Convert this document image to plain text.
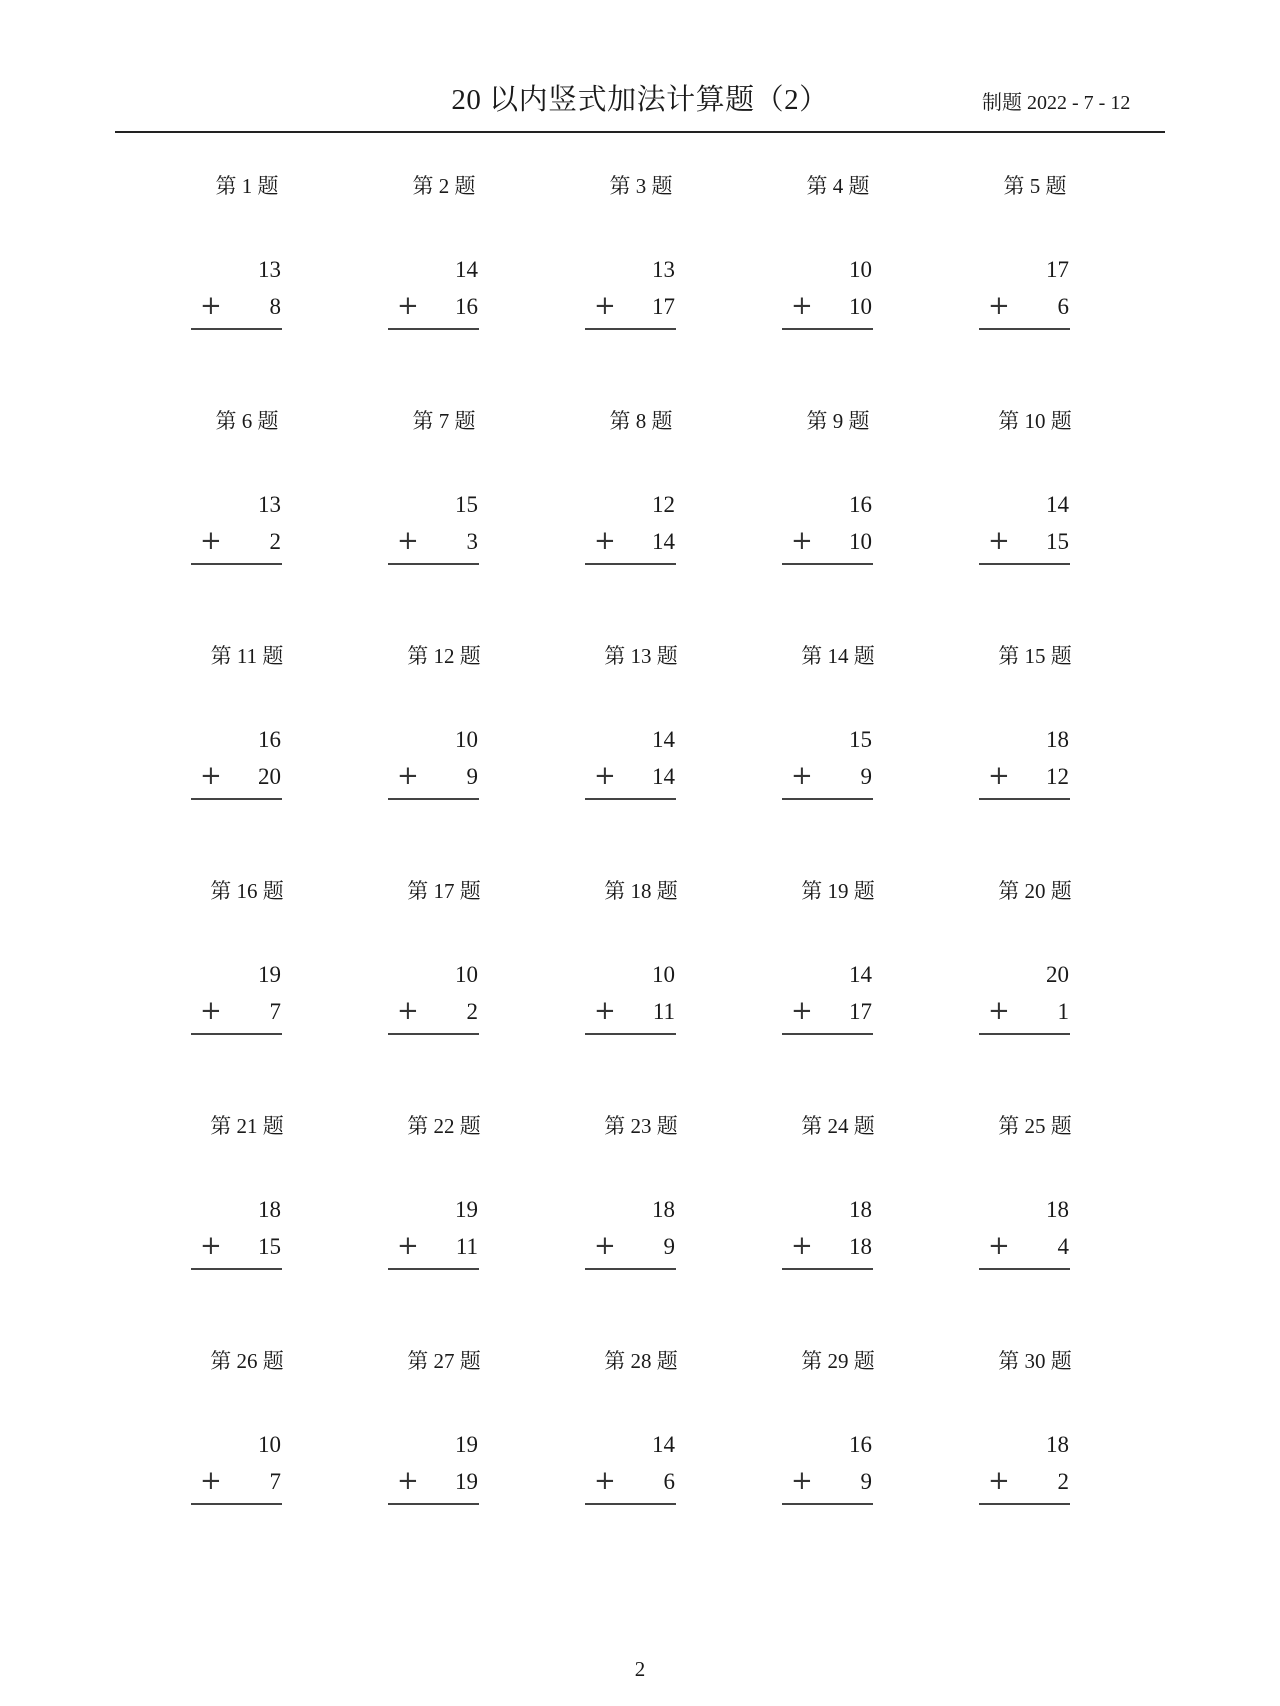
20 以内竖式加法计算题（2）	制题 2022 - 7 - 12
第 1 题
13
+ 8
第 2 题
14
+ 16
第 3 题
13
+ 17
第 4 题
10
+ 10
第 5 题
17
+ 6
第 6 题
13
+ 2
第 7 题
15
+ 3
第 8 题
12
+ 14
第 9 题
16
+ 10
第 10 题
14
+ 15
第 11 题
16
+ 20
第 12 题
10
+ 9
第 13 题
14
+ 14
第 14 题
15
+ 9
第 15 题
18
+ 12
第 16 题
19
+ 7
第 17 题
10
+ 2
第 18 题
10
+ 11
第 19 题
14
+ 17
第 20 题
20
+ 1
第 21 题
18
+ 15
第 22 题
19
+ 11
第 23 题
18
+ 9
第 24 题
18
+ 18
第 25 题
18
+ 4
第 26 题
10
+ 7
第 27 题
19
+ 19
第 28 题
14
+ 6
第 29 题
16
+ 9
第 30 题
18
+ 2
2
